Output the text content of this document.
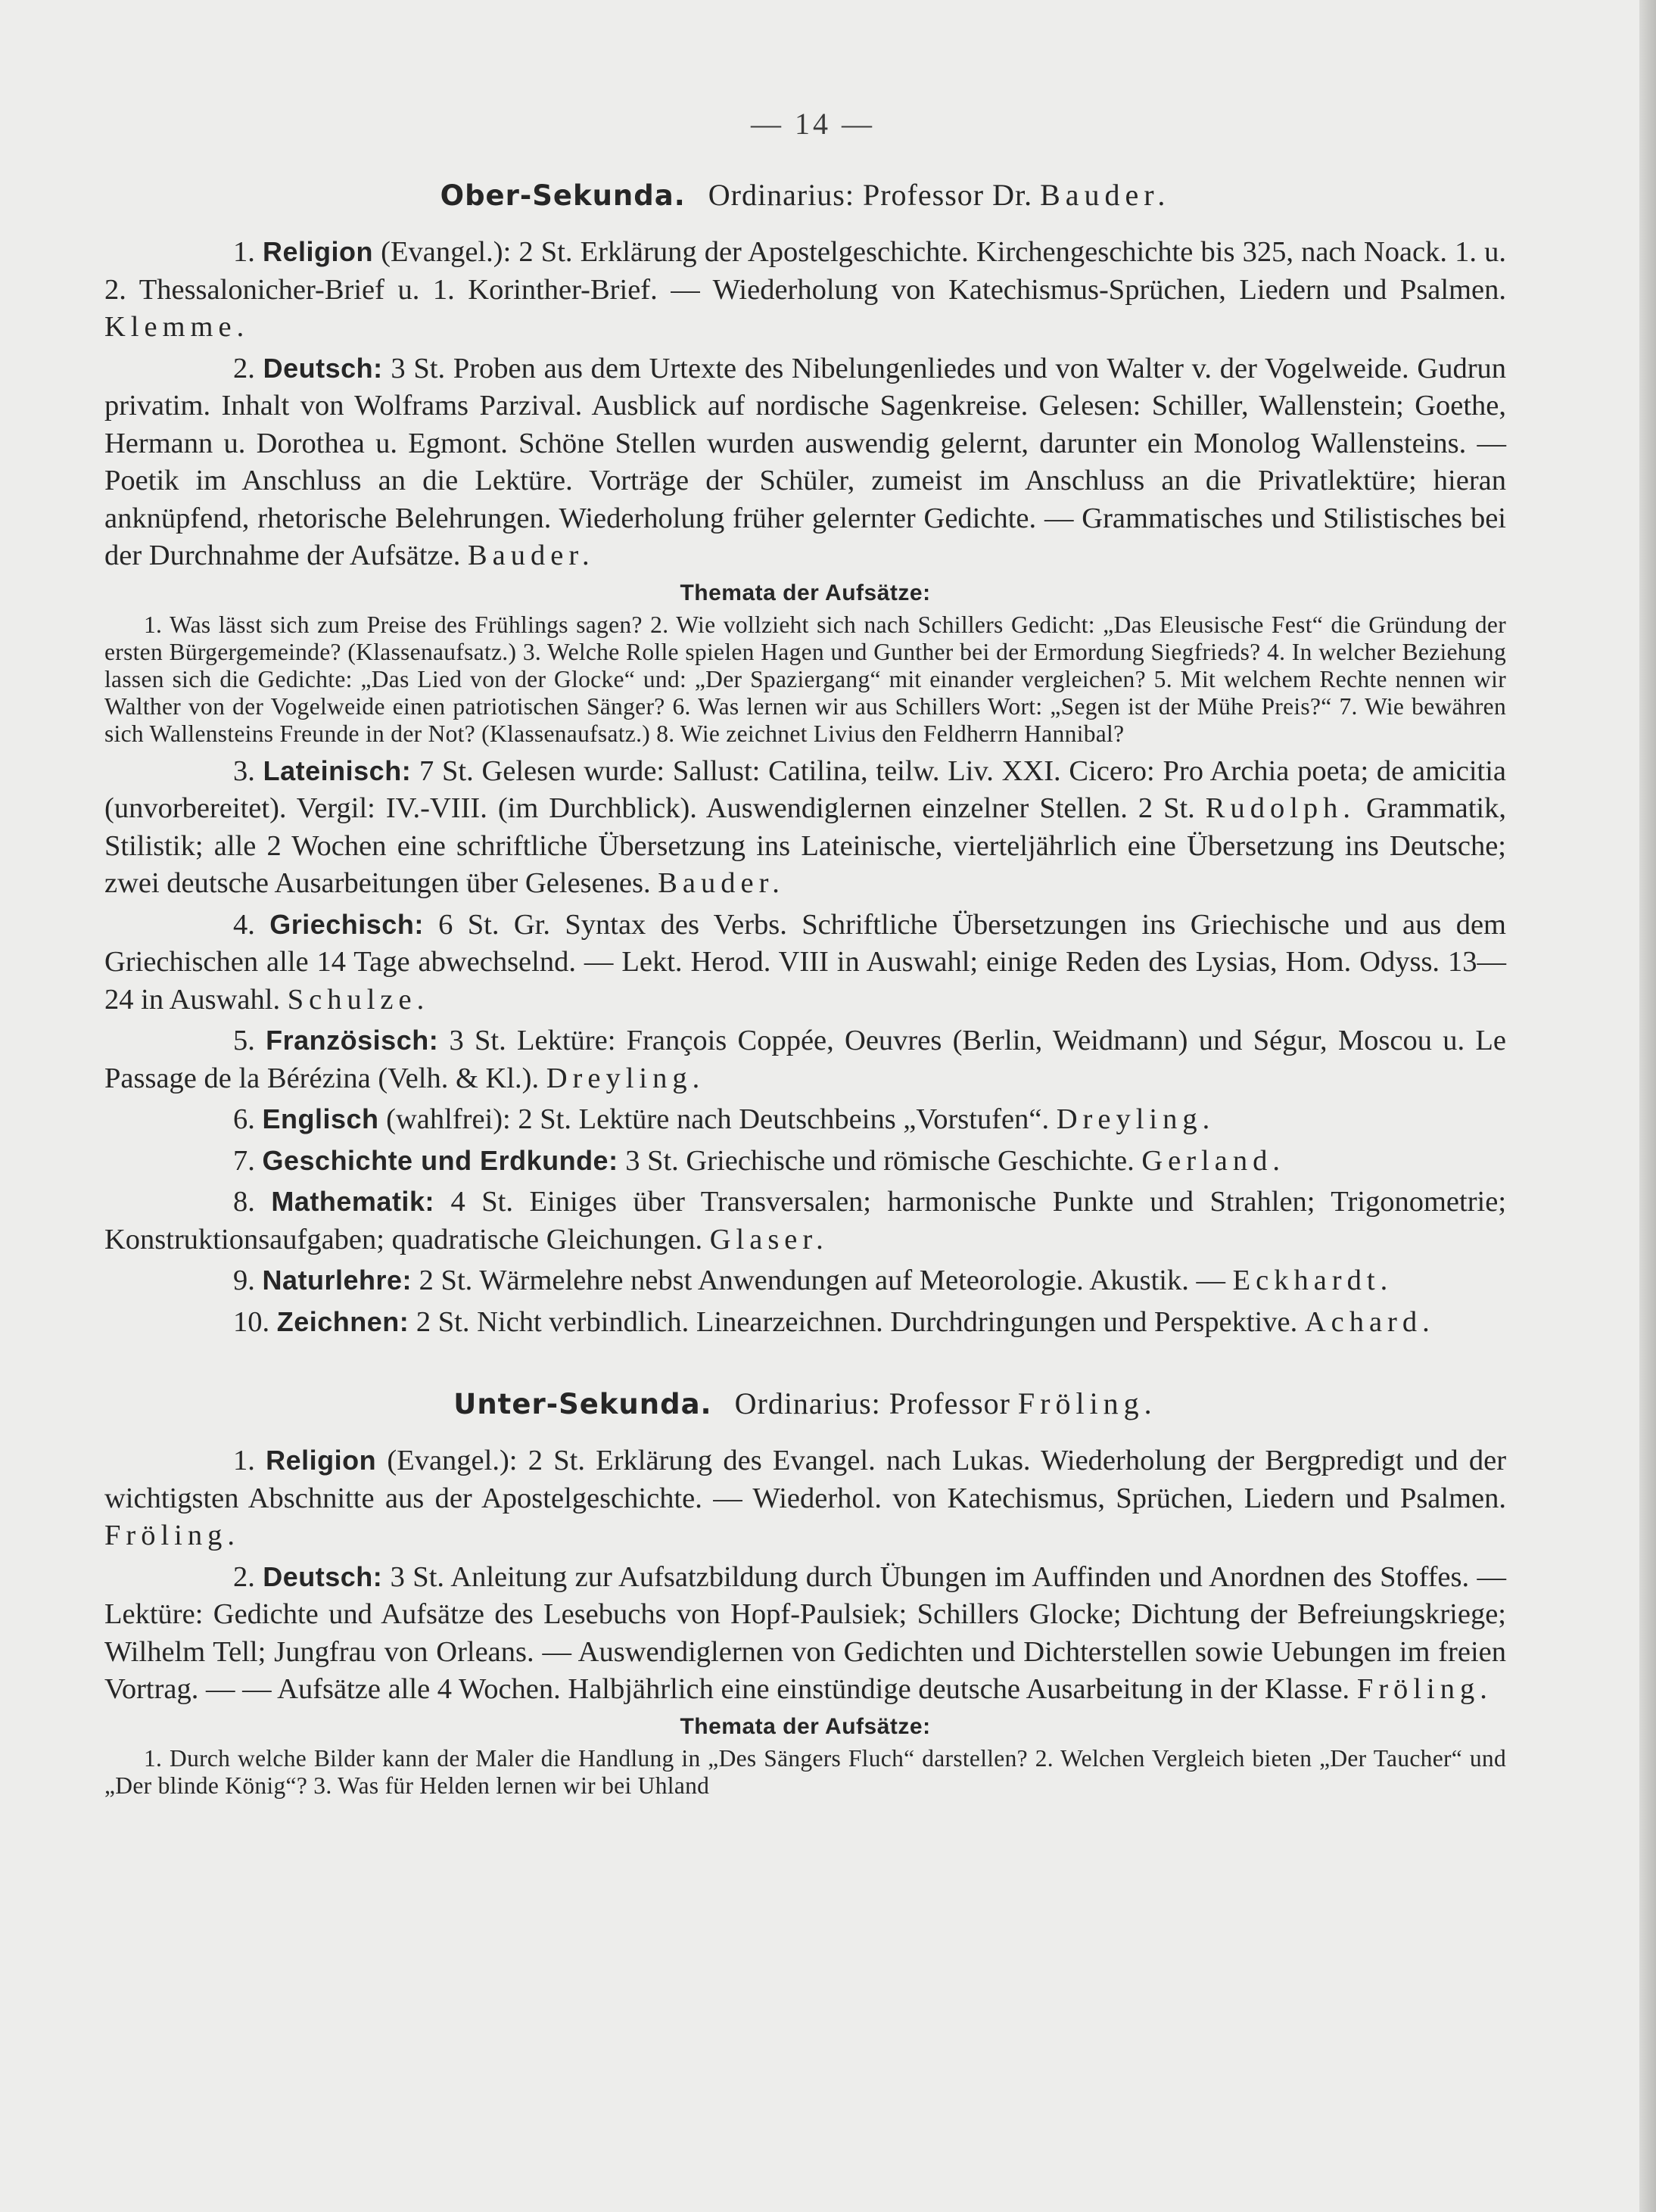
— 14 —
Ober-Sekunda. Ordinarius: Professor Dr. Bauder.

1. Religion (Evangel.): 2 St. Erklärung der Apostelgeschichte. Kirchengeschichte bis 325, nach Noack. 1. u. 2. Thessalonicher-Brief u. 1. Korinther-Brief. — Wiederholung von Katechismus-Sprüchen, Liedern und Psalmen. Klemme.

2. Deutsch: 3 St. Proben aus dem Urtexte des Nibelungenliedes und von Walter v. der Vogelweide. Gudrun privatim. Inhalt von Wolframs Parzival. Ausblick auf nordische Sagenkreise. Gelesen: Schiller, Wallenstein; Goethe, Hermann u. Dorothea u. Egmont. Schöne Stellen wurden auswendig gelernt, darunter ein Monolog Wallensteins. — Poetik im Anschluss an die Lektüre. Vorträge der Schüler, zumeist im Anschluss an die Privatlektüre; hieran anknüpfend, rhetorische Belehrungen. Wiederholung früher gelernter Gedichte. — Grammatisches und Stilistisches bei der Durchnahme der Aufsätze. Bauder.

Themata der Aufsätze:

1. Was lässt sich zum Preise des Frühlings sagen? 2. Wie vollzieht sich nach Schillers Gedicht: „Das Eleusische Fest“ die Gründung der ersten Bürgergemeinde? (Klassenaufsatz.) 3. Welche Rolle spielen Hagen und Gunther bei der Ermordung Siegfrieds? 4. In welcher Beziehung lassen sich die Gedichte: „Das Lied von der Glocke“ und: „Der Spaziergang“ mit einander vergleichen? 5. Mit welchem Rechte nennen wir Walther von der Vogelweide einen patriotischen Sänger? 6. Was lernen wir aus Schillers Wort: „Segen ist der Mühe Preis?“ 7. Wie bewähren sich Wallensteins Freunde in der Not? (Klassenaufsatz.) 8. Wie zeichnet Livius den Feldherrn Hannibal?

3. Lateinisch: 7 St. Gelesen wurde: Sallust: Catilina, teilw. Liv. XXI. Cicero: Pro Archia poeta; de amicitia (unvorbereitet). Vergil: IV.-VIII. (im Durchblick). Auswendiglernen einzelner Stellen. 2 St. Rudolph. Grammatik, Stilistik; alle 2 Wochen eine schriftliche Übersetzung ins Lateinische, vierteljährlich eine Übersetzung ins Deutsche; zwei deutsche Ausarbeitungen über Gelesenes. Bauder.

4. Griechisch: 6 St. Gr. Syntax des Verbs. Schriftliche Übersetzungen ins Griechische und aus dem Griechischen alle 14 Tage abwechselnd. — Lekt. Herod. VIII in Auswahl; einige Reden des Lysias, Hom. Odyss. 13—24 in Auswahl. Schulze.

5. Französisch: 3 St. Lektüre: François Coppée, Oeuvres (Berlin, Weidmann) und Ségur, Moscou u. Le Passage de la Bérézina (Velh. & Kl.). Dreyling.

6. Englisch (wahlfrei): 2 St. Lektüre nach Deutschbeins „Vorstufen“. Dreyling.

7. Geschichte und Erdkunde: 3 St. Griechische und römische Geschichte. Gerland.

8. Mathematik: 4 St. Einiges über Transversalen; harmonische Punkte und Strahlen; Trigonometrie; Konstruktionsaufgaben; quadratische Gleichungen. Glaser.

9. Naturlehre: 2 St. Wärmelehre nebst Anwendungen auf Meteorologie. Akustik. — Eckhardt.

10. Zeichnen: 2 St. Nicht verbindlich. Linearzeichnen. Durchdringungen und Perspektive. Achard.

Unter-Sekunda. Ordinarius: Professor Fröling.

1. Religion (Evangel.): 2 St. Erklärung des Evangel. nach Lukas. Wiederholung der Bergpredigt und der wichtigsten Abschnitte aus der Apostelgeschichte. — Wiederhol. von Katechismus, Sprüchen, Liedern und Psalmen. Fröling.

2. Deutsch: 3 St. Anleitung zur Aufsatzbildung durch Übungen im Auffinden und Anordnen des Stoffes. — Lektüre: Gedichte und Aufsätze des Lesebuchs von Hopf-Paulsiek; Schillers Glocke; Dichtung der Befreiungskriege; Wilhelm Tell; Jungfrau von Orleans. — Auswendiglernen von Gedichten und Dichterstellen sowie Uebungen im freien Vortrag. — — Aufsätze alle 4 Wochen. Halbjährlich eine einstündige deutsche Ausarbeitung in der Klasse. Fröling.

Themata der Aufsätze:

1. Durch welche Bilder kann der Maler die Handlung in „Des Sängers Fluch“ darstellen? 2. Welchen Vergleich bieten „Der Taucher“ und „Der blinde König“? 3. Was für Helden lernen wir bei Uhland
